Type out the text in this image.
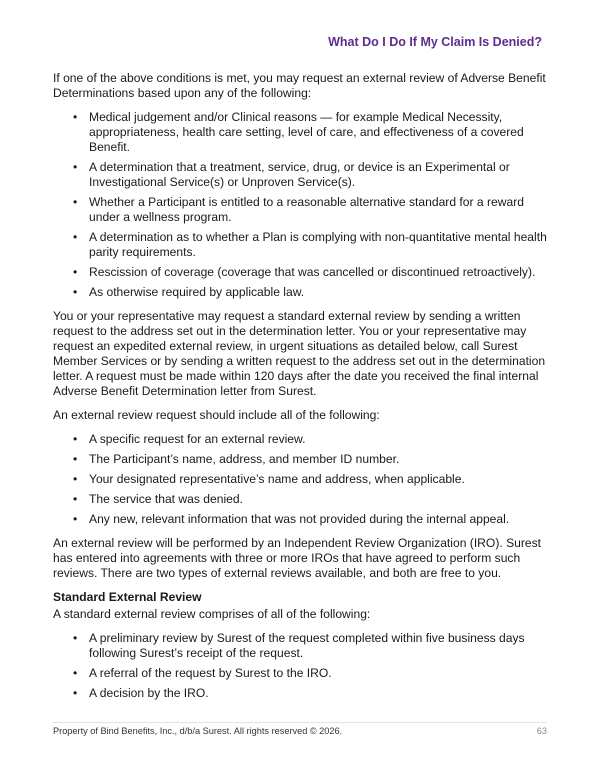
What Do I Do If My Claim Is Denied?

If one of the above conditions is met, you may request an external review of Adverse Benefit Determinations based upon any of the following:

• Medical judgement and/or Clinical reasons — for example Medical Necessity, appropriateness, health care setting, level of care, and effectiveness of a covered Benefit.
• A determination that a treatment, service, drug, or device is an Experimental or Investigational Service(s) or Unproven Service(s).
• Whether a Participant is entitled to a reasonable alternative standard for a reward under a wellness program.
• A determination as to whether a Plan is complying with non-quantitative mental health parity requirements.
• Rescission of coverage (coverage that was cancelled or discontinued retroactively).
• As otherwise required by applicable law.

You or your representative may request a standard external review by sending a written request to the address set out in the determination letter. You or your representative may request an expedited external review, in urgent situations as detailed below, call Surest Member Services or by sending a written request to the address set out in the determination letter. A request must be made within 120 days after the date you received the final internal Adverse Benefit Determination letter from Surest.

An external review request should include all of the following:

• A specific request for an external review.
• The Participant’s name, address, and member ID number.
• Your designated representative’s name and address, when applicable.
• The service that was denied.
• Any new, relevant information that was not provided during the internal appeal.

An external review will be performed by an Independent Review Organization (IRO). Surest has entered into agreements with three or more IROs that have agreed to perform such reviews. There are two types of external reviews available, and both are free to you.

Standard External Review

A standard external review comprises of all of the following:

• A preliminary review by Surest of the request completed within five business days following Surest’s receipt of the request.
• A referral of the request by Surest to the IRO.
• A decision by the IRO.
Property of Bind Benefits, Inc., d/b/a Surest. All rights reserved © 2026.	63
